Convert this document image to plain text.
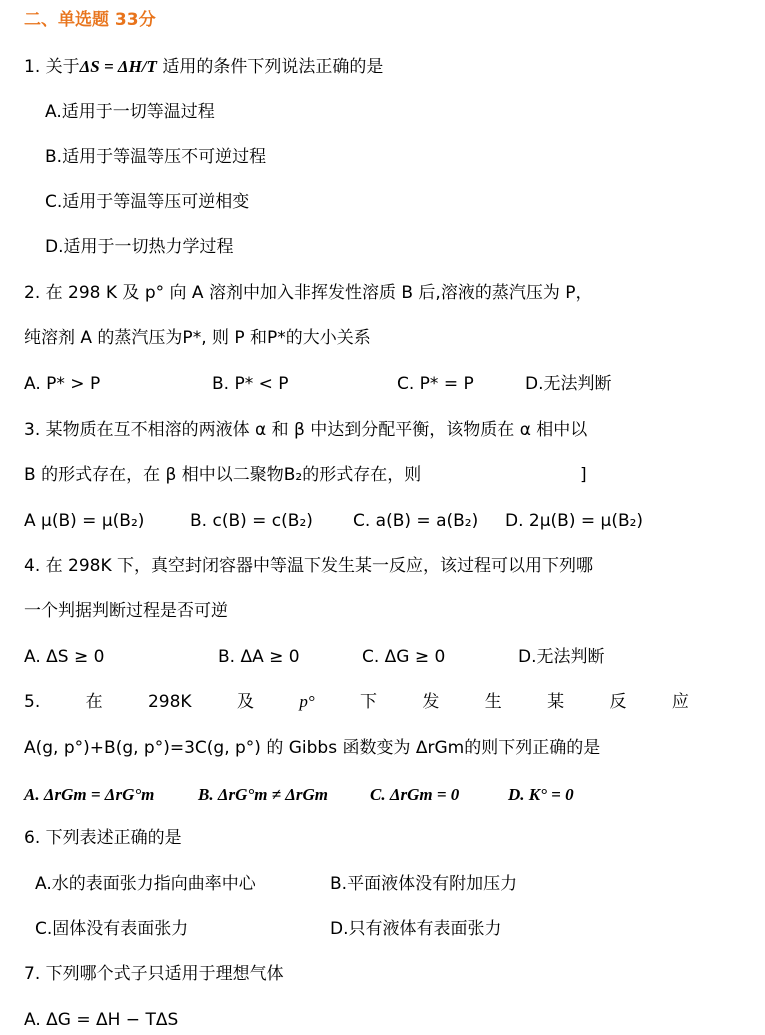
二、单选题 33分
1. 关于ΔS = ΔH/T 适用的条件下列说法正确的是
A.适用于一切等温过程
B.适用于等温等压不可逆过程
C.适用于等温等压可逆相变
D.适用于一切热力学过程
2. 在 298 K 及 p° 向 A 溶剂中加入非挥发性溶质 B 后,溶液的蒸汽压为 P，
纯溶剂 A 的蒸汽压为P*, 则 P 和P*的大小关系
A. P* > P	B. P* < P	C. P* = P	D.无法判断
3. 某物质在互不相溶的两液体 α 和 β 中达到分配平衡，该物质在 α 相中以
B 的形式存在，在 β 相中以二聚物B₂的形式存在，则	]
A μ(B) = μ(B₂)	B. c(B) = c(B₂) C. a(B) = a(B₂) D. 2μ(B) = μ(B₂)
4. 在 298K 下，真空封闭容器中等温下发生某一反应，该过程可以用下列哪
一个判据判断过程是否可逆
A. ΔS ≥ 0	B. ΔA ≥ 0	C. ΔG ≥ 0	D.无法判断
5.	在	298K	及	p°	下	发	生	某	反	应
A(g, p°)+B(g, p°)=3C(g, p°) 的 Gibbs 函数变为 ΔrGm的则下列正确的是
A. ΔrGm = ΔrG°m	B. ΔrG°m ≠ ΔrGm C. ΔrGm = 0	D. K° = 0
6. 下列表述正确的是
A.水的表面张力指向曲率中心	B.平面液体没有附加压力
C.固体没有表面张力	D.只有液体有表面张力
7. 下列哪个式子只适用于理想气体
A. ΔG = ΔH − TΔS
